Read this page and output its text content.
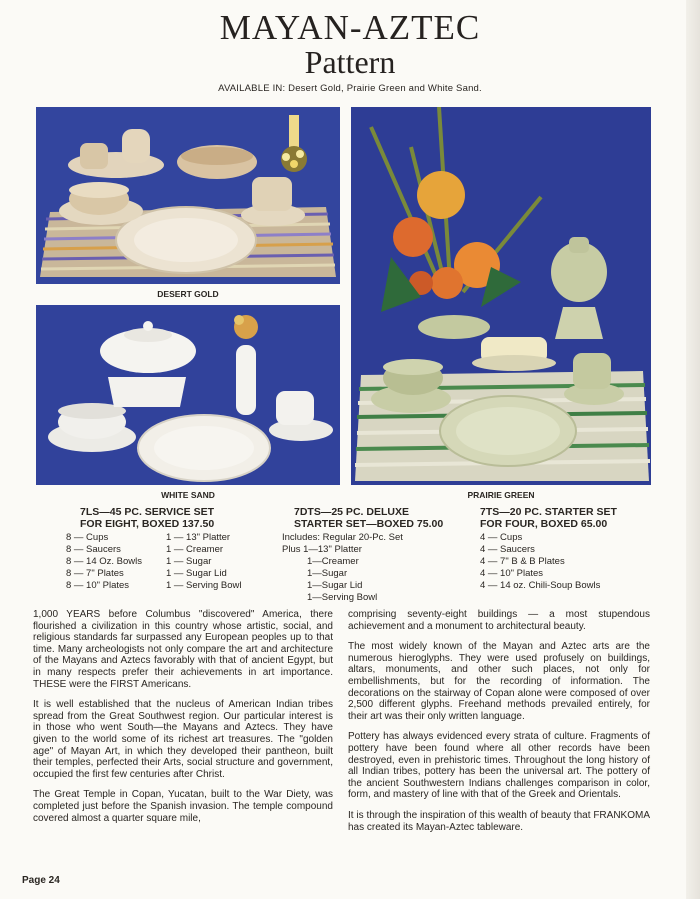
MAYAN-AZTEC
Pattern
AVAILABLE IN: Desert Gold, Prairie Green and White Sand.
DESERT GOLD
WHITE SAND	PRAIRIE GREEN
7LS—45 PC. SERVICE SET
FOR EIGHT, BOXED 137.50
8 — Cups
8 — Saucers
8 — 14 Oz. Bowls
8 — 7" Plates
8 — 10" Plates
1 — 13" Platter
1 — Creamer
1 — Sugar
1 — Sugar Lid
1 — Serving Bowl
7DTS—25 PC. DELUXE
STARTER SET—BOXED 75.00
Includes: Regular 20-Pc. Set
Plus 1—13" Platter
1—Creamer
1—Sugar
1—Sugar Lid
1—Serving Bowl
7TS—20 PC. STARTER SET
FOR FOUR, BOXED 65.00
4 — Cups
4 — Saucers
4 — 7" B & B Plates
4 — 10" Plates
4 — 14 oz. Chili-Soup Bowls

1,000 YEARS before Columbus "discovered" America, there flourished a civilization in this country whose artistic, social, and religious standards far surpassed any European peoples up to that time. Many archeologists not only compare the art and architecture of the Mayans and Aztecs favorably with that of ancient Egypt, but in many respects prefer their achievements in art importance. THESE were the FIRST Americans.

It is well established that the nucleus of American Indian tribes spread from the Great Southwest region. Our particular interest is in those who went South—the Mayans and Aztecs. They have given to the world some of its richest art treasures. The "golden age" of Mayan Art, in which they developed their pantheon, built their temples, perfected their Arts, social structure and government, occupied the first few centuries after Christ.

The Great Temple in Copan, Yucatan, built to the War Diety, was completed just before the Spanish invasion. The temple compound covered almost a quarter square mile,

comprising seventy-eight buildings — a most stupendous achievement and a monument to architectural beauty.

The most widely known of the Mayan and Aztec arts are the numerous hieroglyphs. They were used profusely on buildings, altars, monuments, and other such places, not only for embellishments, but for the recording of information. The decorations on the stairway of Copan alone were composed of over 2,500 different glyphs. Freehand methods prevailed entirely, for their art was their only written language.

Pottery has always evidenced every strata of culture. Fragments of pottery have been found where all other records have been destroyed, even in prehistoric times. Throughout the long history of all Indian tribes, pottery has been the universal art. The pottery of the ancient Southwestern Indians challenges comparison in color, form, and mastery of line with that of the Greek and Orientals.

It is through the inspiration of this wealth of beauty that FRANKOMA has created its Mayan-Aztec tableware.

Page 24
